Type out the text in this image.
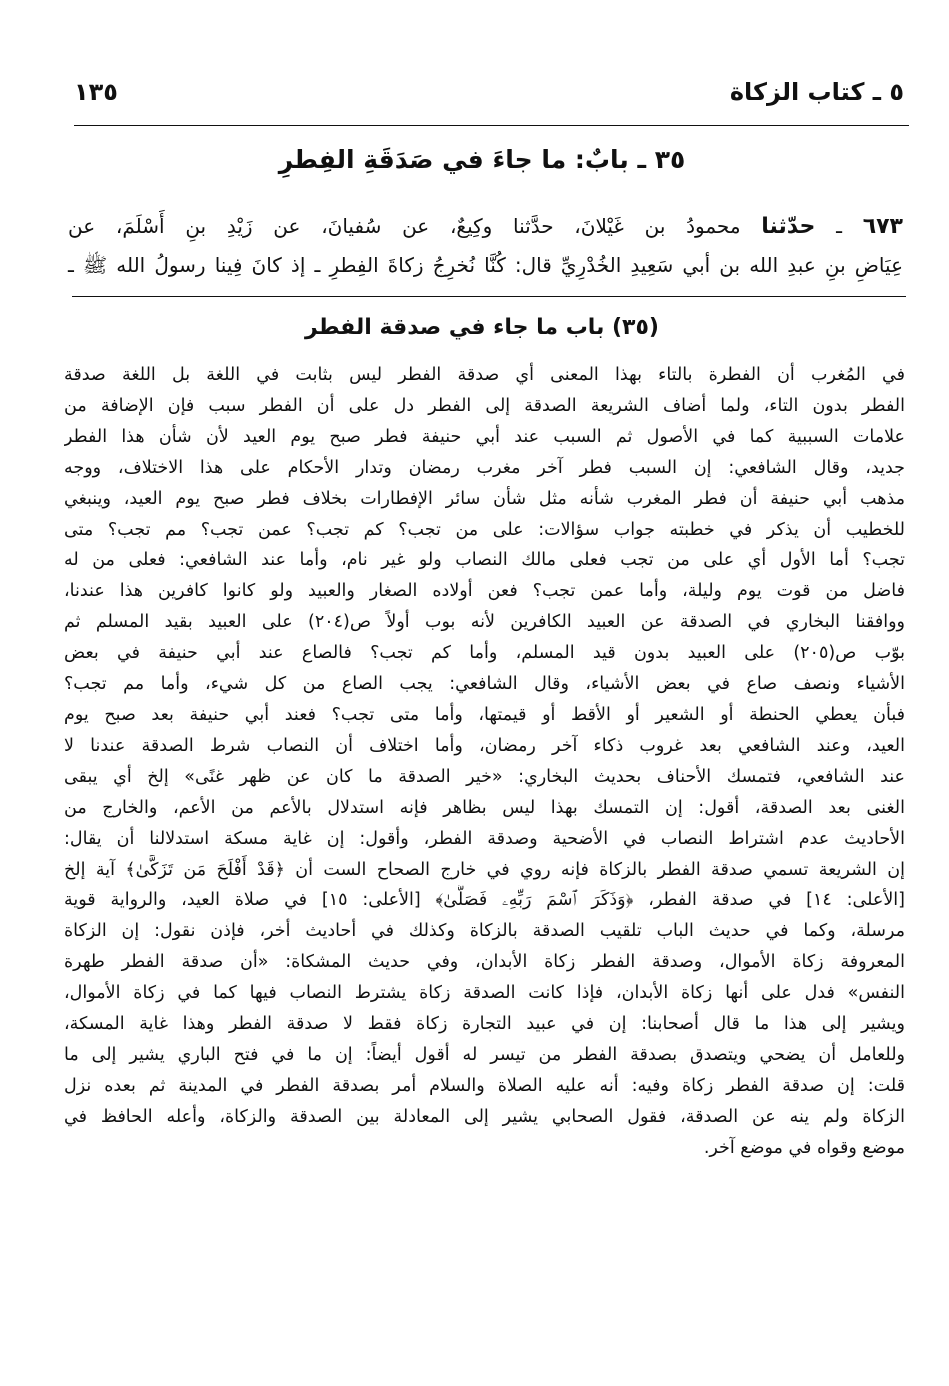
٥ ـ كتاب الزكاة
١٣٥
٣٥ ـ بابٌ: ما جاءَ في صَدَقَةِ الفِطرِ
٦٧٣ ـ حدّثنا محمودُ بن غَيْلانَ، حدَّثنا وكِيعٌ، عن سُفيانَ، عن زَيْدِ بنِ أَسْلَمَ، عن
عِيَاضِ بنِ عبدِ الله بن أبي سَعِيدِ الخُدْرِيِّ قال: كُنَّا نُخرِجُ زكاةَ الفِطرِ ـ إذ كانَ فِينا رسولُ الله ﷺ ـ
(٣٥) باب ما جاء في صدقة الفطر
في المُغرب أن الفطرة بالتاء بهذا المعنى أي صدقة الفطر ليس بثابت في اللغة بل اللغة صدقة
الفطر بدون التاء، ولما أضاف الشريعة الصدقة إلى الفطر دل على أن الفطر سبب فإن الإضافة من
علامات السببية كما في الأصول ثم السبب عند أبي حنيفة فطر صبح يوم العيد لأن شأن هذا الفطر
جديد، وقال الشافعي: إن السبب فطر آخر مغرب رمضان وتدار الأحكام على هذا الاختلاف، ووجه
مذهب أبي حنيفة أن فطر المغرب شأنه مثل شأن سائر الإفطارات بخلاف فطر صبح يوم العيد، وينبغي
للخطيب أن يذكر في خطبته جواب سؤالات: على من تجب؟ كم تجب؟ عمن تجب؟ مم تجب؟ متى
تجب؟ أما الأول أي على من تجب فعلى مالك النصاب ولو غير نام، وأما عند الشافعي: فعلى من له
فاضل من قوت يوم وليلة، وأما عمن تجب؟ فعن أولاده الصغار والعبيد ولو كانوا كافرين هذا عندنا،
ووافقنا البخاري في الصدقة عن العبيد الكافرين لأنه بوب أولاً ص(٢٠٤) على العبيد بقيد المسلم ثم
بوّب ص(٢٠٥) على العبيد بدون قيد المسلم، وأما كم تجب؟ فالصاع عند أبي حنيفة في بعض
الأشياء ونصف صاع في بعض الأشياء، وقال الشافعي: يجب الصاع من كل شيء، وأما مم تجب؟
فبأن يعطي الحنطة أو الشعير أو الأقط أو قيمتها، وأما متى تجب؟ فعند أبي حنيفة بعد صبح يوم
العيد، وعند الشافعي بعد غروب ذكاء آخر رمضان، وأما اختلاف أن النصاب شرط الصدقة عندنا لا
عند الشافعي، فتمسك الأحناف بحديث البخاري: «خير الصدقة ما كان عن ظهر غنًى» إلخ أي يبقى
الغنى بعد الصدقة، أقول: إن التمسك بهذا ليس بظاهر فإنه استدلال بالأعم من الأعم، والخارج من
الأحاديث عدم اشتراط النصاب في الأضحية وصدقة الفطر، وأقول: إن غاية مسكة استدلالنا أن يقال:
إن الشريعة تسمي صدقة الفطر بالزكاة فإنه روي في خارج الصحاح الست أن ﴿قَدْ أَفْلَحَ مَن تَزَكَّىٰ﴾ آية إلخ
[الأعلى: ١٤] في صدقة الفطر، ﴿وَذَكَرَ ٱسْمَ رَبِّهِۦ فَصَلَّىٰ﴾ [الأعلى: ١٥] في صلاة العيد، والرواية قوية
مرسلة، وكما في حديث الباب تلقيب الصدقة بالزكاة وكذلك في أحاديث أخر، فإذن نقول: إن الزكاة
المعروفة زكاة الأموال، وصدقة الفطر زكاة الأبدان، وفي حديث المشكاة: «أن صدقة الفطر طهرة
النفس» فدل على أنها زكاة الأبدان، فإذا كانت الصدقة زكاة يشترط النصاب فيها كما في زكاة الأموال،
ويشير إلى هذا ما قال أصحابنا: إن في عبيد التجارة زكاة فقط لا صدقة الفطر وهذا غاية المسكة،
وللعامل أن يضحي ويتصدق بصدقة الفطر من تيسر له أقول أيضاً: إن ما في فتح الباري يشير إلى ما
قلت: إن صدقة الفطر زكاة وفيه: أنه عليه الصلاة والسلام أمر بصدقة الفطر في المدينة ثم بعده نزل
الزكاة ولم ينه عن الصدقة، فقول الصحابي يشير إلى المعادلة بين الصدقة والزكاة، وأعله الحافظ في
موضع وقواه في موضع آخر.
